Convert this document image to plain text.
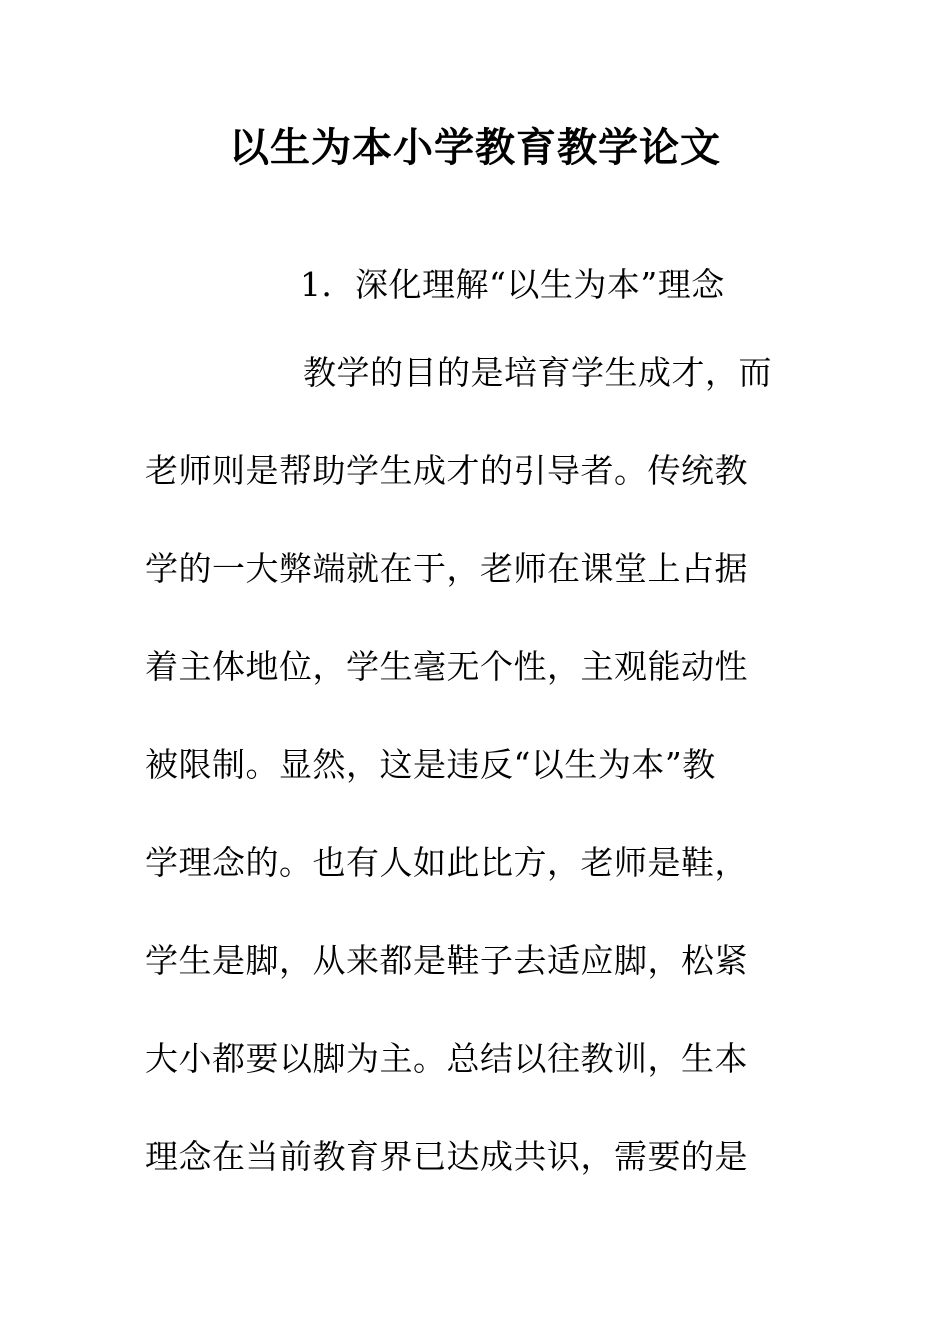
以生为本小学教育教学论文

1．深化理解“以生为本”理念

教学的目的是培育学生成才，而

老师则是帮助学生成才的引导者。传统教

学的一大弊端就在于，老师在课堂上占据

着主体地位，学生毫无个性，主观能动性

被限制。显然，这是违反“以生为本”教

学理念的。也有人如此比方，老师是鞋，

学生是脚，从来都是鞋子去适应脚，松紧

大小都要以脚为主。总结以往教训，生本

理念在当前教育界已达成共识，需要的是
